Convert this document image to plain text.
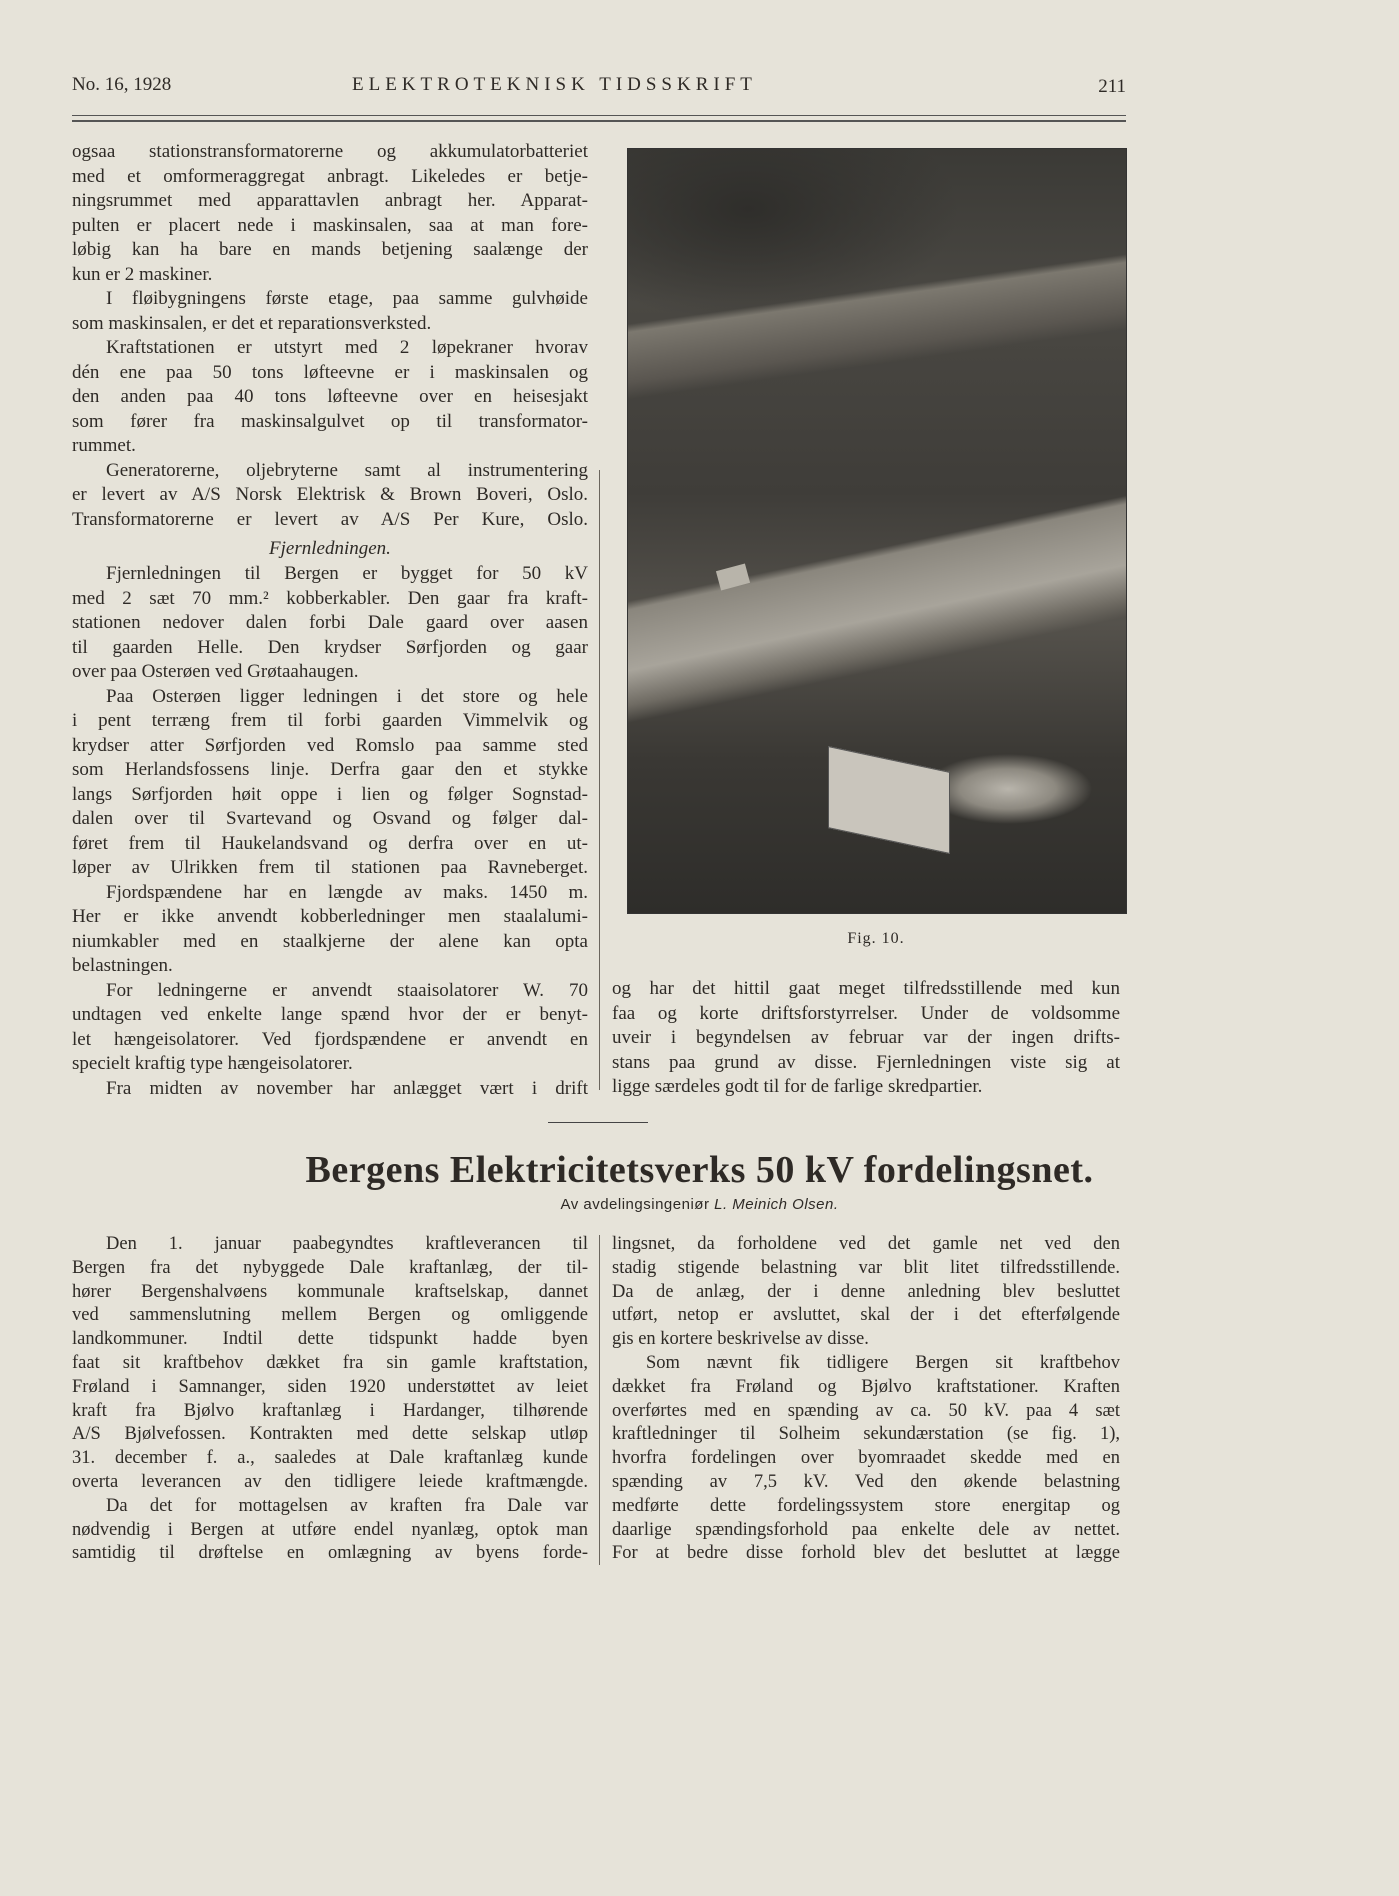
No. 16, 1928	ELEKTROTEKNISK TIDSSKRIFT	211
ogsaa stationstransformatorerne og akkumulatorbatteriet
med et omformeraggregat anbragt. Likeledes er betje-
ningsrummet med apparattavlen anbragt her. Apparat-
pulten er placert nede i maskinsalen, saa at man fore-
løbig kan ha bare en mands betjening saalænge der
kun er 2 maskiner.
I fløibygningens første etage, paa samme gulvhøide
som maskinsalen, er det et reparationsverksted.
Kraftstationen er utstyrt med 2 løpekraner hvorav
dén ene paa 50 tons løfteevne er i maskinsalen og
den anden paa 40 tons løfteevne over en heisesjakt
som fører fra maskinsalgulvet op til transformator-
rummet.
Generatorerne, oljebryterne samt al instrumentering
er levert av A/S Norsk Elektrisk & Brown Boveri, Oslo.
Transformatorerne er levert av A/S Per Kure, Oslo.
Fjernledningen.
Fjernledningen til Bergen er bygget for 50 kV
med 2 sæt 70 mm.² kobberkabler. Den gaar fra kraft-
stationen nedover dalen forbi Dale gaard over aasen
til gaarden Helle. Den krydser Sørfjorden og gaar
over paa Osterøen ved Grøtaahaugen.
Paa Osterøen ligger ledningen i det store og hele
i pent terræng frem til forbi gaarden Vimmelvik og
krydser atter Sørfjorden ved Romslo paa samme sted
som Herlandsfossens linje. Derfra gaar den et stykke
langs Sørfjorden høit oppe i lien og følger Sognstad-
dalen over til Svartevand og Osvand og følger dal-
føret frem til Haukelandsvand og derfra over en ut-
løper av Ulrikken frem til stationen paa Ravneberget.
Fjordspændene har en længde av maks. 1450 m.
Her er ikke anvendt kobberledninger men staalalumi-
niumkabler med en staalkjerne der alene kan opta
belastningen.
For ledningerne er anvendt staaisolatorer W. 70
undtagen ved enkelte lange spænd hvor der er benyt-
let hængeisolatorer. Ved fjordspændene er anvendt en
specielt kraftig type hængeisolatorer.
Fra midten av november har anlægget vært i drift
Fig. 10.
og har det hittil gaat meget tilfredsstillende med kun
faa og korte driftsforstyrrelser. Under de voldsomme
uveir i begyndelsen av februar var der ingen drifts-
stans paa grund av disse. Fjernledningen viste sig at
ligge særdeles godt til for de farlige skredpartier.
Bergens Elektricitetsverks 50 kV fordelingsnet.
Av avdelingsingeniør L. Meinich Olsen.
Den 1. januar paabegyndtes kraftleverancen til
Bergen fra det nybyggede Dale kraftanlæg, der til-
hører Bergenshalvøens kommunale kraftselskap, dannet
ved sammenslutning mellem Bergen og omliggende
landkommuner. Indtil dette tidspunkt hadde byen
faat sit kraftbehov dækket fra sin gamle kraftstation,
Frøland i Samnanger, siden 1920 understøttet av leiet
kraft fra Bjølvo kraftanlæg i Hardanger, tilhørende
A/S Bjølvefossen. Kontrakten med dette selskap utløp
31. december f. a., saaledes at Dale kraftanlæg kunde
overta leverancen av den tidligere leiede kraftmængde.
Da det for mottagelsen av kraften fra Dale var
nødvendig i Bergen at utføre endel nyanlæg, optok man
samtidig til drøftelse en omlægning av byens forde-
lingsnet, da forholdene ved det gamle net ved den
stadig stigende belastning var blit litet tilfredsstillende.
Da de anlæg, der i denne anledning blev besluttet
utført, netop er avsluttet, skal der i det efterfølgende
gis en kortere beskrivelse av disse.
Som nævnt fik tidligere Bergen sit kraftbehov
dækket fra Frøland og Bjølvo kraftstationer. Kraften
overførtes med en spænding av ca. 50 kV. paa 4 sæt
kraftledninger til Solheim sekundærstation (se fig. 1),
hvorfra fordelingen over byomraadet skedde med en
spænding av 7,5 kV. Ved den økende belastning
medførte dette fordelingssystem store energitap og
daarlige spændingsforhold paa enkelte dele av nettet.
For at bedre disse forhold blev det besluttet at lægge
